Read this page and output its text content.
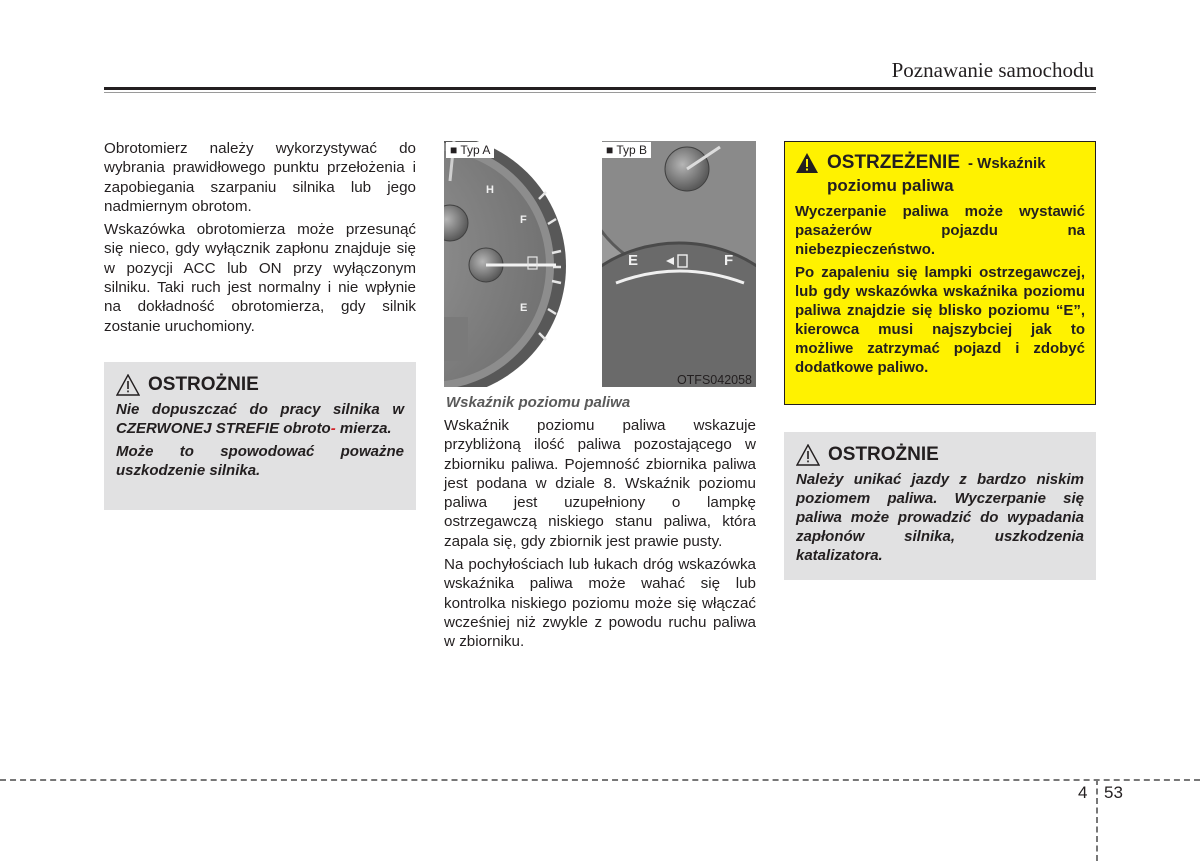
Poznawanie samochodu

Obrotomierz należy wykorzystywać do wybrania prawidłowego punktu przełożenia i zapobiegania szarpaniu silnika lub jego nadmiernym obrotom.

Wskazówka obrotomierza może przesunąć się nieco, gdy wyłącznik zapłonu znajduje się w pozycji ACC lub ON przy wyłączonym silniku. Taki ruch jest normalny i nie wpłynie na dokładność obrotomierza, gdy silnik zostanie uruchomiony.

OSTROŻNIE

Nie dopuszczać do pracy silnika w CZERWONEJ STREFIE obroto- mierza.

Może to spowodować poważne uszkodzenie silnika.

H
F
E
E	F
■ Typ A	■ Typ B
OTFS042058
Wskaźnik poziomu paliwa

Wskaźnik poziomu paliwa wskazuje przybliżoną ilość paliwa pozostającego w zbiorniku paliwa. Pojemność zbiornika paliwa jest podana w dziale 8. Wskaźnik poziomu paliwa jest uzupełniony o lampkę ostrzegawczą niskiego stanu paliwa, która zapala się, gdy zbiornik jest prawie pusty.

Na pochyłościach lub łukach dróg wskazówka wskaźnika paliwa może wahać się lub kontrolka niskiego poziomu może się włączać wcześniej niż zwykle z powodu ruchu paliwa w zbiorniku.

OSTRZEŻENIE - Wskaźnik
poziomu paliwa

Wyczerpanie paliwa może wystawić pasażerów pojazdu na niebezpieczeństwo.

Po zapaleniu się lampki ostrzegawczej, lub gdy wskazówka wskaźnika poziomu paliwa znajdzie się blisko poziomu “E”, kierowca musi najszybciej jak to możliwe zatrzymać pojazd i zdobyć dodatkowe paliwo.

OSTROŻNIE

Należy unikać jazdy z bardzo niskim poziomem paliwa. Wyczerpanie się paliwa może prowadzić do wypadania zapłonów silnika, uszkodzenia katalizatora.

4 53
